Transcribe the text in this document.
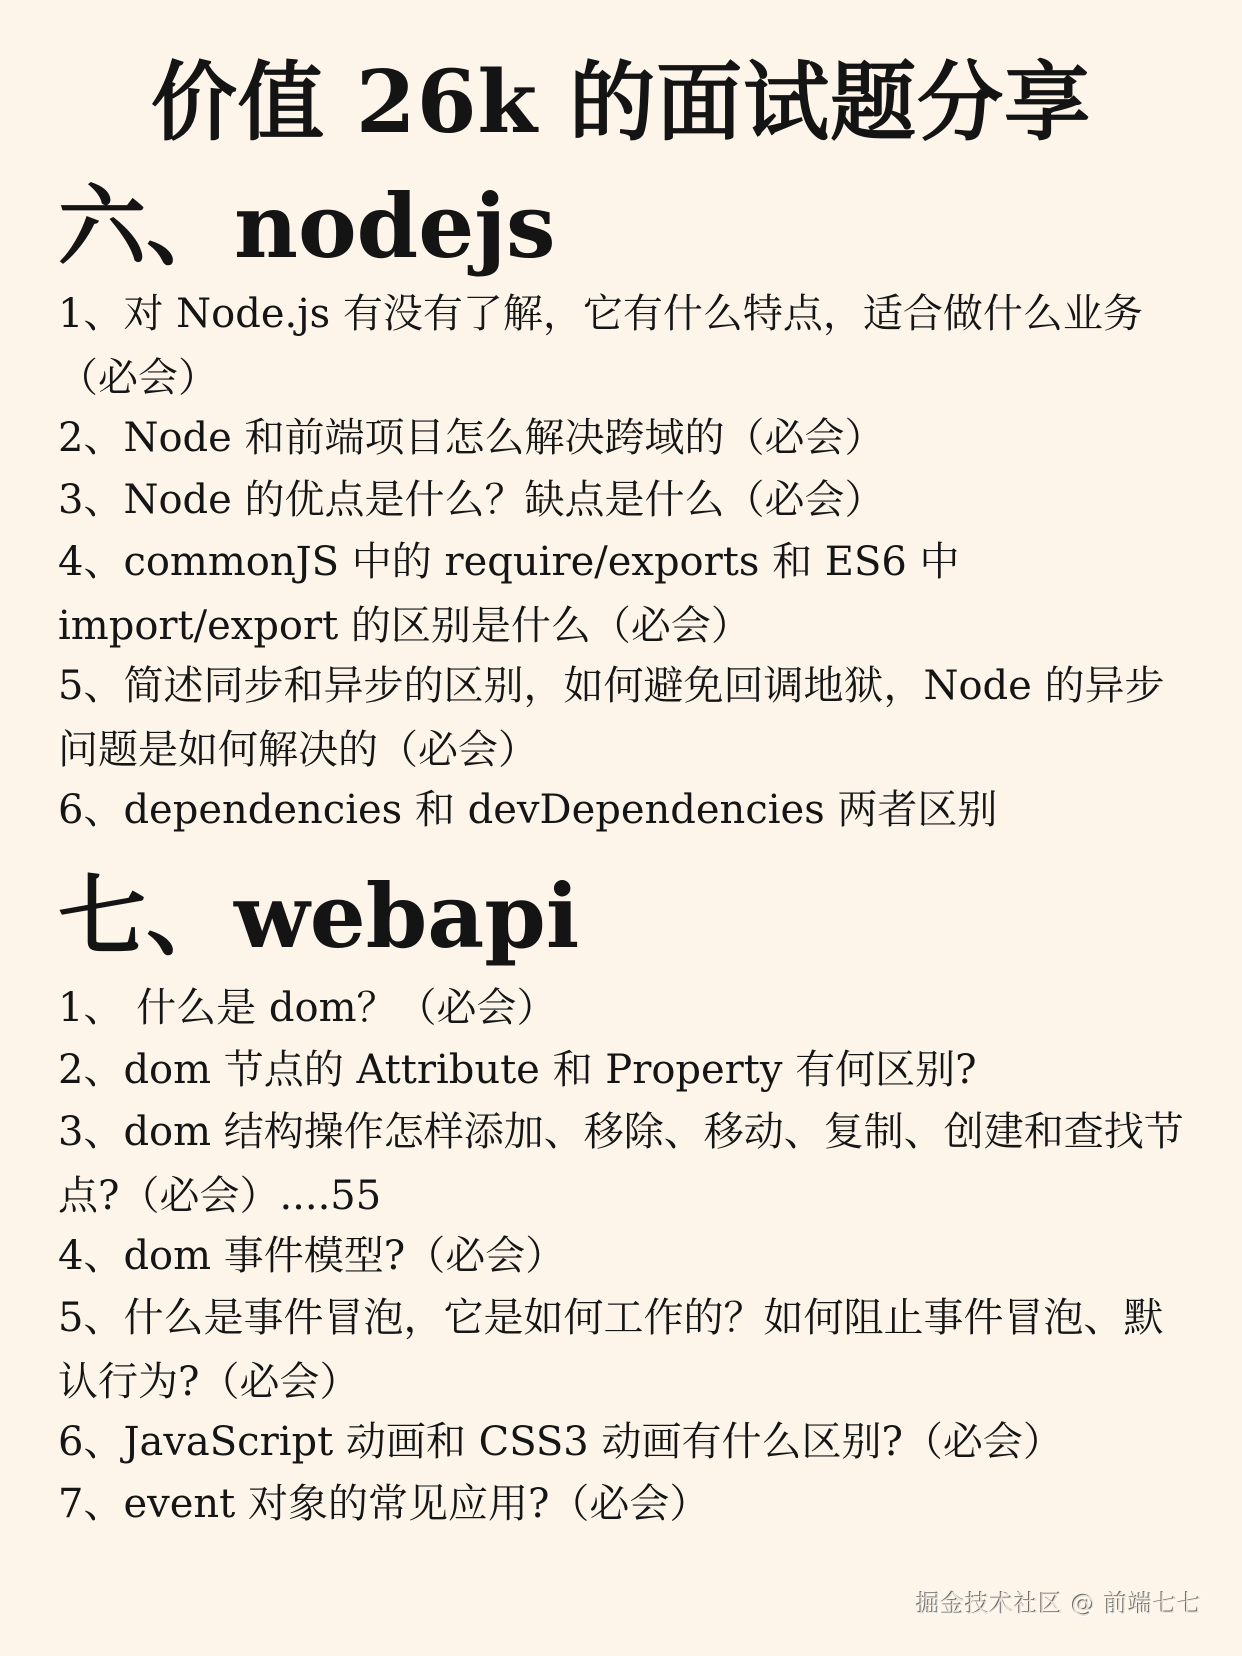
价值 26k 的面试题分享
六、nodejs
1、对 Node.js 有没有了解，它有什么特点，适合做什么业务（必会）
2、Node 和前端项目怎么解决跨域的（必会）
3、Node 的优点是什么？缺点是什么（必会）
4、commonJS 中的 require/exports 和 ES6 中import/export 的区别是什么（必会）
5、简述同步和异步的区别，如何避免回调地狱，Node 的异步问题是如何解决的（必会）
6、dependencies 和 devDependencies 两者区别
七、webapi
1、 什么是 dom？（必会）
2、dom 节点的 Attribute 和 Property 有何区别?
3、dom 结构操作怎样添加、移除、移动、复制、创建和查找节点?（必会）....55
4、dom 事件模型?（必会）
5、什么是事件冒泡，它是如何工作的？如何阻止事件冒泡、默认行为?（必会）
6、JavaScript 动画和 CSS3 动画有什么区别?（必会）
7、event 对象的常见应用?（必会）
掘金技术社区 @ 前端七七
